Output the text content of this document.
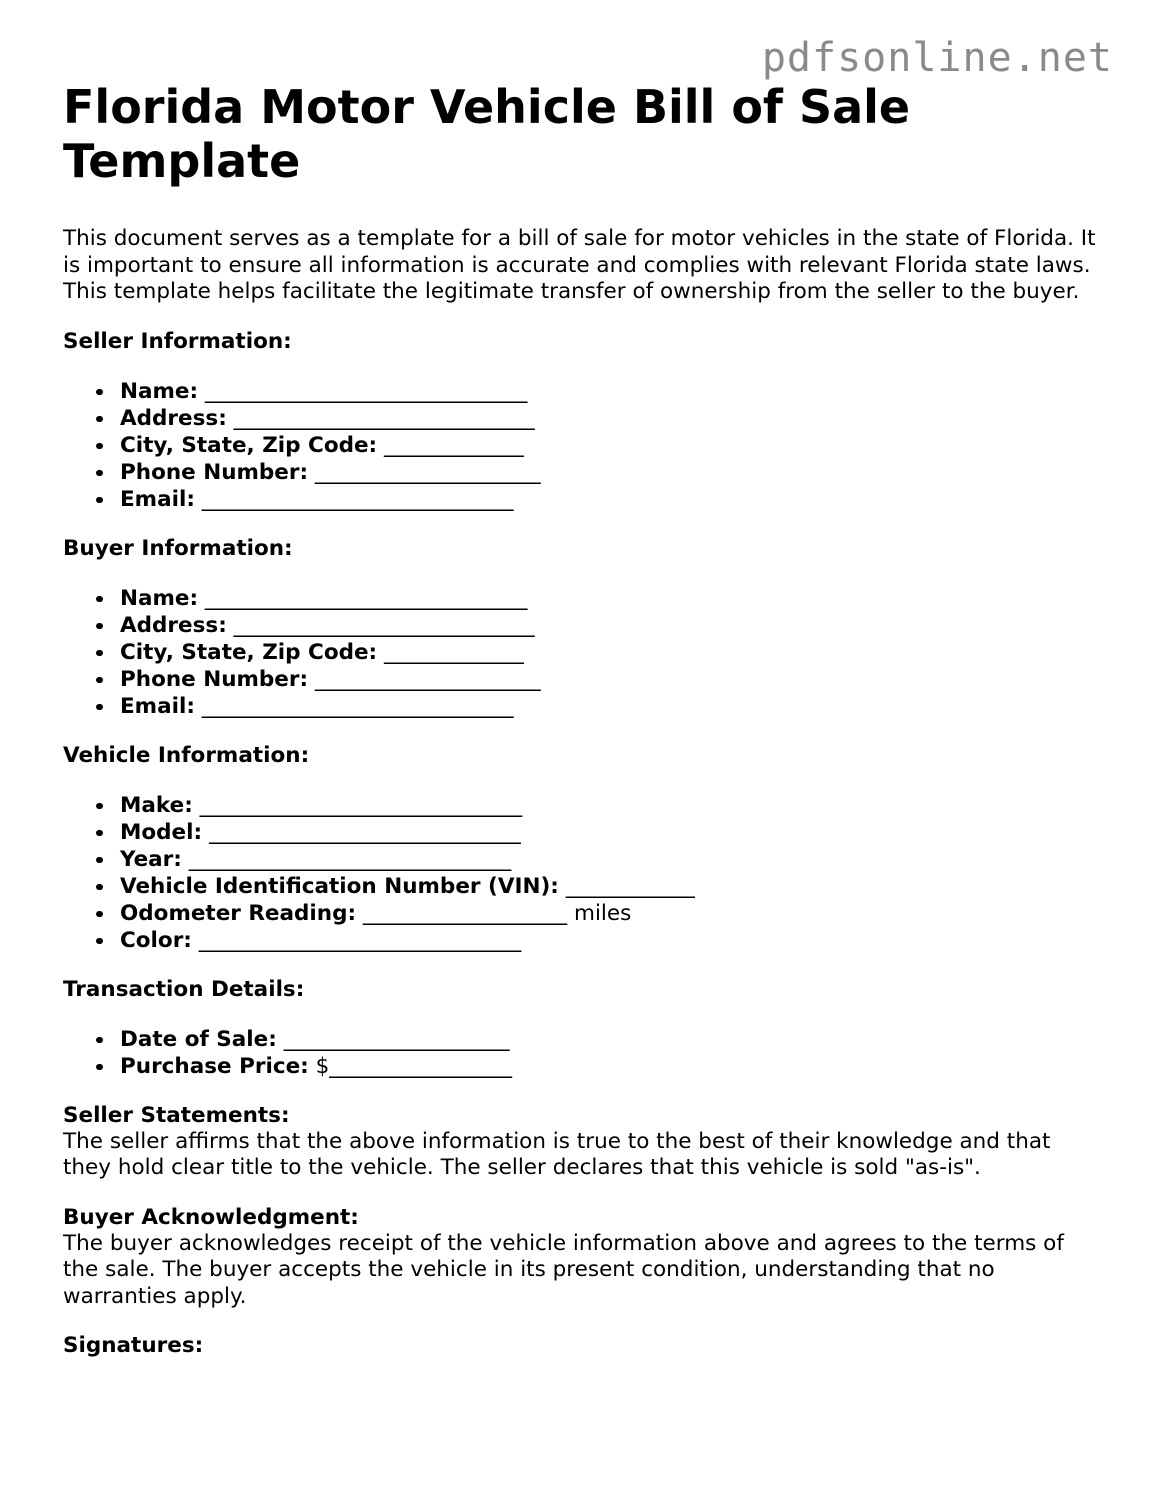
pdfsonline.net
Florida Motor Vehicle Bill of Sale Template

This document serves as a template for a bill of sale for motor vehicles in the state of Florida. It is important to ensure all information is accurate and complies with relevant Florida state laws. This template helps facilitate the legitimate transfer of ownership from the seller to the buyer.

Seller Information:
Name: ______________________________
Address: ____________________________
City, State, Zip Code: _____________
Phone Number: _____________________
Email: _____________________________
Buyer Information:
Name: ______________________________
Address: ____________________________
City, State, Zip Code: _____________
Phone Number: _____________________
Email: _____________________________
Vehicle Information:
Make: ______________________________
Model: _____________________________
Year: ______________________________
Vehicle Identification Number (VIN): ____________
Odometer Reading: ___________________ miles
Color: ______________________________
Transaction Details:
Date of Sale: _____________________
Purchase Price: $_________________
Seller Statements:

The seller affirms that the above information is true to the best of their knowledge and that they hold clear title to the vehicle. The seller declares that this vehicle is sold "as-is".

Buyer Acknowledgment:

The buyer acknowledges receipt of the vehicle information above and agrees to the terms of the sale. The buyer accepts the vehicle in its present condition, understanding that no warranties apply.

Signatures:
